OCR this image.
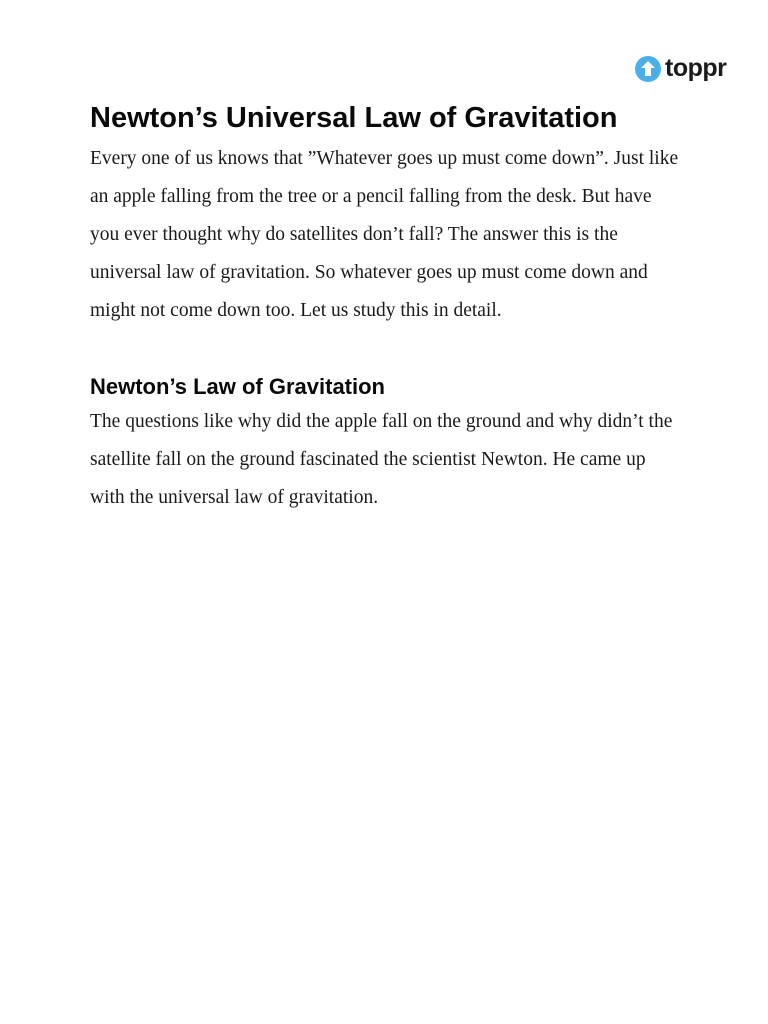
toppr
Newton’s Universal Law of Gravitation

Every one of us knows that ”Whatever goes up must come down”. Just like an apple falling from the tree or a pencil falling from the desk. But have you ever thought why do satellites don’t fall? The answer this is the universal law of gravitation. So whatever goes up must come down and might not come down too. Let us study this in detail.

Newton’s Law of Gravitation

The questions like why did the apple fall on the ground and why didn’t the satellite fall on the ground fascinated the scientist Newton. He came up with the universal law of gravitation.
